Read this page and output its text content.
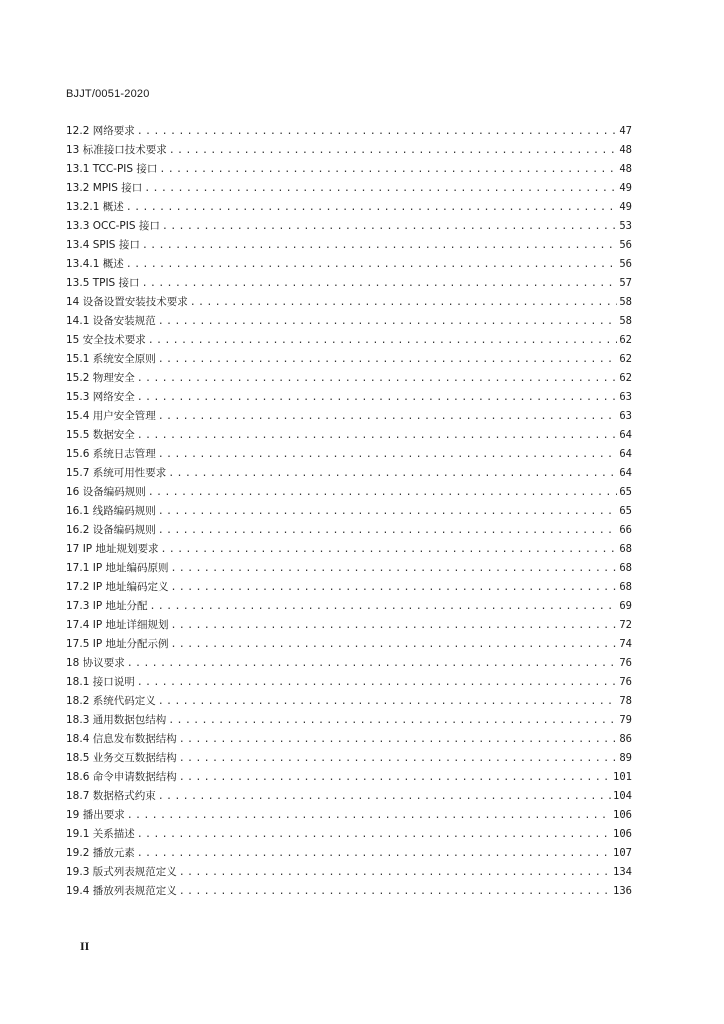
BJJT/0051-2020
12.2 网络要求 .....	47
13 标准接口技术要求 .....	48
13.1 TCC-PIS 接口 .....	48
13.2 MPIS 接口 .....	49
13.2.1 概述 .....	49
13.3 OCC-PIS 接口 .....	53
13.4 SPIS 接口 .....	56
13.4.1 概述 .....	56
13.5 TPIS 接口 .....	57
14 设备设置安装技术要求 .....	58
14.1 设备安装规范 .....	58
15 安全技术要求 .....	62
15.1 系统安全原则 .....	62
15.2 物理安全 .....	62
15.3 网络安全 .....	63
15.4 用户安全管理 .....	63
15.5 数据安全 .....	64
15.6 系统日志管理 .....	64
15.7 系统可用性要求 .....	64
16 设备编码规则 .....	65
16.1 线路编码规则 .....	65
16.2 设备编码规则 .....	66
17 IP 地址规划要求 .....	68
17.1 IP 地址编码原则 .....	68
17.2 IP 地址编码定义 .....	68
17.3 IP 地址分配 .....	69
17.4 IP 地址详细规划 .....	72
17.5 IP 地址分配示例 .....	74
18 协议要求 .....	76
18.1 接口说明 .....	76
18.2 系统代码定义 .....	78
18.3 通用数据包结构 .....	79
18.4 信息发布数据结构 .....	86
18.5 业务交互数据结构 .....	89
18.6 命令申请数据结构 .....	101
18.7 数据格式约束 .....	104
19 播出要求 .....	106
19.1 关系描述 .....	106
19.2 播放元素 .....	107
19.3 版式列表规范定义 .....	134
19.4 播放列表规范定义 .....	136
II
